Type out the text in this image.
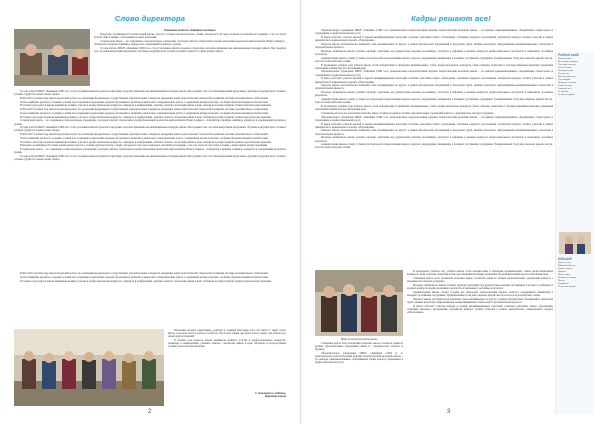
Слово директора

Уважаемые читатели «Линейного вестника»!

В выпуске, посвящённом 55-летию нашей школы, хочется с особым чувством сказать о людях, которые все эти годы создавали и сохраняли её традиции, о тех, кто отдал ей свои силы и знания, о выпускниках разных поколений.

Сегодня наша школа – это современное образовательное учреждение, в котором работает творческий и профессиональный педагогический коллектив. Наши учащиеся – победители и призёры олимпиад, конкурсов и соревнований различного уровня.

За годы работы МБОУ «Линейная СОШ №2» стала участником многих проектов и программ, получила признание как инновационная площадка района. Мы гордимся тем, что наши выпускники продолжают обучение в ведущих вузах страны и успешно трудятся в самых разных сферах.

За годы работы МБОУ «Линейная СОШ №2» стала участником многих проектов и программ, получила признание как инновационная площадка района. Мы гордимся тем, что наши выпускники продолжают обучение в ведущих вузах страны и успешно трудятся в самых разных сферах.

В 2014-2015 учебном году школа продолжила работу по реализации федеральных государственных образовательных стандартов, внедрению новых педагогических технологий и развитию системы дополнительного образования.

Особое внимание уделялось созданию условий для сохранения и укрепления здоровья обучающихся, развитию ученического самоуправления, работе с одарёнными детьми и детьми с особыми образовательными потребностями.

В течение года педагоги школы принимали активное участие в профессиональных конкурсах, семинарах и конференциях, делились опытом с коллегами района и края, обобщали и распространяли лучшие педагогические практики.

В 2014-2015 учебном году школа продолжила работу по реализации федеральных государственных образовательных стандартов, внедрению новых педагогических технологий и развитию системы дополнительного образования.

Особое внимание уделялось созданию условий для сохранения и укрепления здоровья обучающихся, развитию ученического самоуправления, работе с одарёнными детьми и детьми с особыми образовательными потребностями.

В течение года педагоги школы принимали активное участие в профессиональных конкурсах, семинарах и конференциях, делились опытом с коллегами района и края, обобщали и распространяли лучшие педагогические практики.

Сегодня наша школа – это современное образовательное учреждение, в котором работает творческий и профессиональный педагогический коллектив. Наши учащиеся – победители и призёры олимпиад, конкурсов и соревнований различного уровня.

За годы работы МБОУ «Линейная СОШ №2» стала участником многих проектов и программ, получила признание как инновационная площадка района. Мы гордимся тем, что наши выпускники продолжают обучение в ведущих вузах страны и успешно трудятся в самых разных сферах.

В 2014-2015 учебном году школа продолжила работу по реализации федеральных государственных образовательных стандартов, внедрению новых педагогических технологий и развитию системы дополнительного образования.

Особое внимание уделялось созданию условий для сохранения и укрепления здоровья обучающихся, развитию ученического самоуправления, работе с одарёнными детьми и детьми с особыми образовательными потребностями.

В течение года педагоги школы принимали активное участие в профессиональных конкурсах, семинарах и конференциях, делились опытом с коллегами района и края, обобщали и распространяли лучшие педагогические практики.

В выпуске, посвящённом 55-летию нашей школы, хочется с особым чувством сказать о людях, которые все эти годы создавали и сохраняли её традиции, о тех, кто отдал ей свои силы и знания, о выпускниках разных поколений.

Сегодня наша школа – это современное образовательное учреждение, в котором работает творческий и профессиональный педагогический коллектив. Наши учащиеся – победители и призёры олимпиад, конкурсов и соревнований различного уровня.

За годы работы МБОУ «Линейная СОШ №2» стала участником многих проектов и программ, получила признание как инновационная площадка района. Мы гордимся тем, что наши выпускники продолжают обучение в ведущих вузах страны и успешно трудятся в самых разных сферах.

В 2014-2015 учебном году школа продолжила работу по реализации федеральных государственных образовательных стандартов, внедрению новых педагогических технологий и развитию системы дополнительного образования.

Особое внимание уделялось созданию условий для сохранения и укрепления здоровья обучающихся, развитию ученического самоуправления, работе с одарёнными детьми и детьми с особыми образовательными потребностями.

В течение года педагоги школы принимали активное участие в профессиональных конкурсах, семинарах и конференциях, делились опытом с коллегами района и края, обобщали и распространяли лучшие педагогические практики.

Уважаемые коллеги, выпускники, родители и ученики! Благодарю всех, кто вместе с нами строит школу, в которой хочется учиться и работать. Пусть наш общий дом будет всегда открыт для добрых дел, новых идей и открытий!

В течение года педагоги школы принимали активное участие в профессиональных конкурсах, семинарах и конференциях, делились опытом с коллегами района и края, обобщали и распространяли лучшие педагогические практики.

С уважением и любовью,
директор школы
2
Кадры решают все!

Образовательное учреждение МБОУ «Линейная СОШ №2» укомплектовано педагогическими кадрами. Педагогический коллектив школы – это команда единомышленников, объединённых общей целью и стремлением к профессиональному росту.

В школе работают учителя высшей и первой квалификационных категорий, почётные работники общего образования, отличники народного просвещения, победители конкурса лучших учителей в рамках приоритетного национального проекта «Образование».

Педагоги школы систематически повышают свою квалификацию на курсах, в рамках методических объединений и творческих групп, активно используют информационно-коммуникационные технологии в образовательном процессе.

Молодые специалисты школы успешно проходят адаптацию под руководством опытных наставников, участвуют в районных и краевых конкурсах профессионального мастерства и показывают достойные результаты.

Администрация школы создаёт условия для творческой самореализации каждого педагога, поддерживает инициативу и поощряет достижения сотрудников. Традиционными стали дни открытых дверей, мастер-классы и педагогические чтения.

В прошедшем учебном году учителя школы стали победителями и призёрами муниципальных этапов профессиональных конкурсов, были отмечены грамотами и благодарственными письмами управления образования и министерства образования края.

Образовательное учреждение МБОУ «Линейная СОШ №2» укомплектовано педагогическими кадрами. Педагогический коллектив школы – это команда единомышленников, объединённых общей целью и стремлением к профессиональному росту.

В школе работают учителя высшей и первой квалификационных категорий, почётные работники общего образования, отличники народного просвещения, победители конкурса лучших учителей в рамках приоритетного национального проекта «Образование».

Педагоги школы систематически повышают свою квалификацию на курсах, в рамках методических объединений и творческих групп, активно используют информационно-коммуникационные технологии в образовательном процессе.

Молодые специалисты школы успешно проходят адаптацию под руководством опытных наставников, участвуют в районных и краевых конкурсах профессионального мастерства и показывают достойные результаты.

Администрация школы создаёт условия для творческой самореализации каждого педагога, поддерживает инициативу и поощряет достижения сотрудников. Традиционными стали дни открытых дверей, мастер-классы и педагогические чтения.

В прошедшем учебном году учителя школы стали победителями и призёрами муниципальных этапов профессиональных конкурсов, были отмечены грамотами и благодарственными письмами управления образования и министерства образования края.

Слаженная работа всего коллектива позволяет школе оставаться одним из лучших образовательных учреждений района и с уверенностью смотреть в будущее.

Образовательное учреждение МБОУ «Линейная СОШ №2» укомплектовано педагогическими кадрами. Педагогический коллектив школы – это команда единомышленников, объединённых общей целью и стремлением к профессиональному росту.

В школе работают учителя высшей и первой квалификационных категорий, почётные работники общего образования, отличники народного просвещения, победители конкурса лучших учителей в рамках приоритетного национального проекта «Образование».

Педагоги школы систематически повышают свою квалификацию на курсах, в рамках методических объединений и творческих групп, активно используют информационно-коммуникационные технологии в образовательном процессе.

Молодые специалисты школы успешно проходят адаптацию под руководством опытных наставников, участвуют в районных и краевых конкурсах профессионального мастерства и показывают достойные результаты.

Администрация школы создаёт условия для творческой самореализации каждого педагога, поддерживает инициативу и поощряет достижения сотрудников. Традиционными стали дни открытых дверей, мастер-классы и педагогические чтения.

В прошедшем учебном году учителя школы стали победителями и призёрами муниципальных этапов профессиональных конкурсов, были отмечены грамотами и благодарственными письмами управления образования и министерства образования края.

Слаженная работа всего коллектива позволяет школе оставаться одним из лучших образовательных учреждений района и с уверенностью смотреть в будущее.

Молодые специалисты школы успешно проходят адаптацию под руководством опытных наставников, участвуют в районных и краевых конкурсах профессионального мастерства и показывают достойные результаты.

Администрация школы создаёт условия для творческой самореализации каждого педагога, поддерживает инициативу и поощряет достижения сотрудников. Традиционными стали дни открытых дверей, мастер-классы и педагогические чтения.

Педагоги школы систематически повышают свою квалификацию на курсах, в рамках методических объединений и творческих групп, активно используют информационно-коммуникационные технологии в образовательном процессе.

В школе работают учителя высшей и первой квалификационных категорий, почётные работники общего образования, отличники народного просвещения, победители конкурса лучших учителей в рамках приоритетного национального проекта «Образование».

Педагогический коллектив школы

Слаженная работа всего коллектива позволяет школе оставаться одним из лучших образовательных учреждений района и с уверенностью смотреть в будущее.

Образовательное учреждение МБОУ «Линейная СОШ №2» укомплектовано педагогическими кадрами. Педагогический коллектив школы – это команда единомышленников, объединённых общей целью и стремлением к профессиональному росту.

3
Родной свой!
Родной свой!
Весенним солнцем
Ты озарён всегда,
В тебе мечты
И добрые дела.
Ты для нас
Как светлый дом,
Где каждый
Встречен теплом.
Учитель наш,
Спасибо тебе
За знания,
За свет в судьбе!
Юбилей!
Пусть в этот
Юбилейный год
Удача к школе
Придёт!
Пусть будет
Больше учеников,
Побед,
Открытий
И смелых шагов!
